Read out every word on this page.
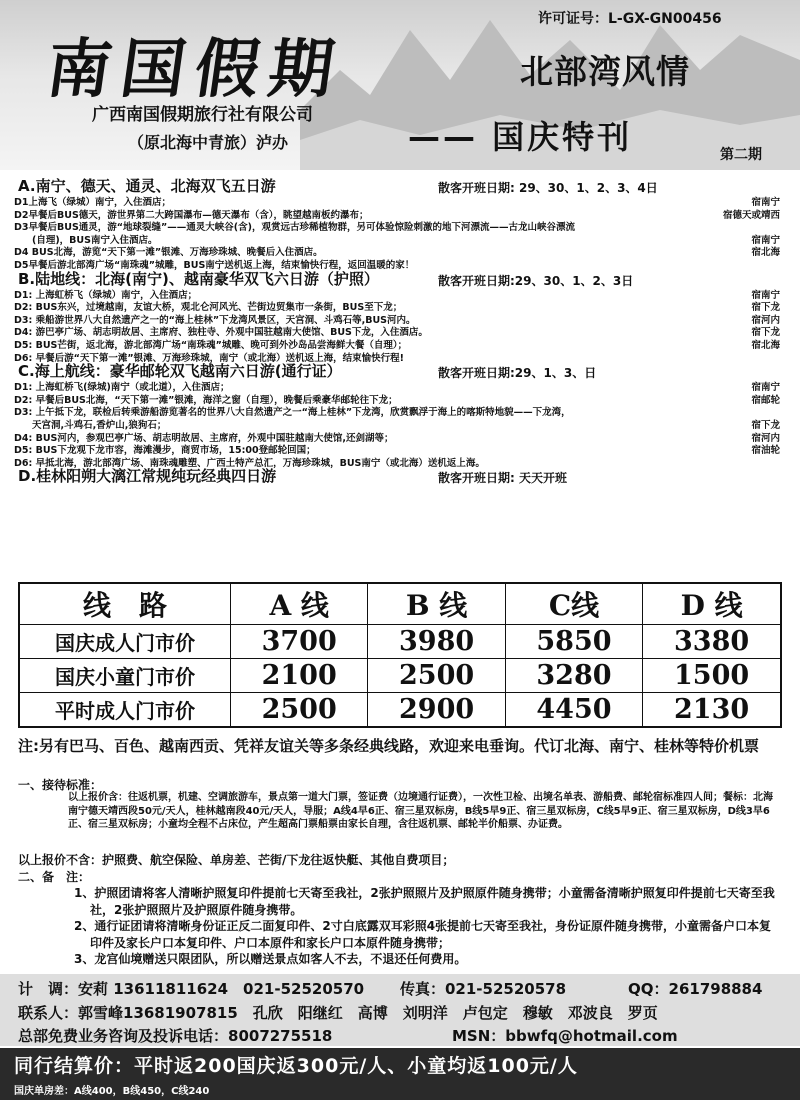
南国假期
广西南国假期旅行社有限公司
（原北海中青旅）泸办
许可证号：L-GX-GN00456
北部湾风情
—— 国庆特刊	第二期
A.南宁、德天、通灵、北海双飞五日游	散客开班日期: 29、30、1、2、3、4日
D1上海飞（绿城）南宁，入住酒店；	宿南宁
D2早餐后BUS德天，游世界第二大跨国瀑布—德天瀑布（含），眺望越南板约瀑布；	宿德天或靖西
D3早餐后BUS通灵，游“地球裂缝”——通灵大峡谷(含)，观赏远古珍稀植物群，另可体验惊险刺激的地下河漂流——古龙山峡谷漂流
(自理)，BUS南宁入住酒店。	宿南宁
D4 BUS北海，游览“天下第一滩”银滩、万海珍珠城、晚餐后入住酒店。	宿北海
D5早餐后游北部湾广场“南珠魂”城雕，BUS南宁送机返上海，结束愉快行程，返回温暖的家！
B.陆地线：北海(南宁)、越南豪华双飞六日游（护照）	散客开班日期:29、30、1、2、3日
D1: 上海虹桥飞（绿城）南宁，入住酒店；	宿南宁
D2: BUS东兴，过境越南，友谊大桥，观北仑河风光、芒街边贸集市一条街，BUS至下龙；	宿下龙
D3: 乘船游世界八大自然遗产之一的“海上桂林”下龙湾风景区，天宫洞、斗鸡石等,BUS河内。	宿河内
D4: 游巴亭广场、胡志明故居、主席府、独柱寺、外观中国驻越南大使馆、BUS下龙，入住酒店。	宿下龙
D5: BUS芒街，返北海，游北部湾广场“南珠魂”城雕、晚可到外沙岛品尝海鲜大餐（自理）；	宿北海
D6: 早餐后游“天下第一滩”银滩、万海珍珠城，南宁（或北海）送机返上海，结束愉快行程!
C.海上航线：豪华邮轮双飞越南六日游(通行证）	散客开班日期:29、1、3、日
D1: 上海虹桥飞(绿城)南宁（或北道），入住酒店；	宿南宁
D2: 早餐后BUS北海，“天下第一滩”银滩，海洋之窗（自理），晚餐后乘豪华邮轮往下龙；	宿邮轮
D3: 上午抵下龙，联检后转乘游船游览著名的世界八大自然遗产之一“海上桂林”下龙湾，欣赏飘浮于海上的喀斯特地貌——下龙湾，
天宫洞,斗鸡石,香炉山,狼狗石；	宿下龙
D4: BUS河内，参观巴亭广场、胡志明故居、主席府，外观中国驻越南大使馆,还剑湖等；	宿河内
D5: BUS下龙观下龙市容，海滩漫步，商贸市场，15:00登邮轮回国；	宿油轮
D6: 早抵北海，游北部湾广场、南珠魂雕塑、广西土特产总汇，万海珍珠城，BUS南宁（或北海）送机返上海。
D.桂林阳朔大漓江常规纯玩经典四日游	散客开班日期: 天天开班
线　路	A 线	B 线	C线	D 线
国庆成人门市价	3700	3980	5850	3380
国庆小童门市价	2100	2500	3280	1500
平时成人门市价	2500	2900	4450	2130
注:另有巴马、百色、越南西贡、凭祥友谊关等多条经典线路，欢迎来电垂询。代订北海、南宁、桂林等特价机票
一、接待标准：
以上报价含：往返机票，机建、空调旅游车，景点第一道大门票，签证费（边境通行证费），一次性卫检、出境名单表、游船费、邮轮宿标准四人间；餐标：北海南宁德天靖西段50元/天人，桂林越南段40元/天人，导服；A线4早6正、宿三星双标房，B线5早9正、宿三星双标房，C线5早9正、宿三星双标房，D线3早6正、宿三星双标房；小童均全程不占床位，产生超高门票船票由家长自理，含往返机票、邮轮半价船票、办证费。
以上报价不含：护照费、航空保险、单房差、芒街/下龙往返快艇、其他自费项目；
二、备　注：
1、护照团请将客人清晰护照复印件提前七天寄至我社，2张护照照片及护照原件随身携带；小童需备清晰护照复印件提前七天寄至我社，2张护照照片及护照原件随身携带。
2、通行证团请将清晰身份证正反二面复印件、2寸白底露双耳彩照4张提前七天寄至我社，身份证原件随身携带，小童需备户口本复印件及家长户口本复印件、户口本原件和家长户口本原件随身携带；
3、龙宫仙境赠送只限团队，所以赠送景点如客人不去，不退还任何费用。
计　调：安莉 13611811624　021-52520570 传真：021-52520578	QQ：261798884
联系人：郭雪峰13681907815　孔欣　阳继红　高博　刘明洋　卢包定　穆敏　邓波良　罗页
总部免费业务咨询及投诉电话：8007275518	MSN：bbwfq@hotmail.com
同行结算价：平时返200国庆返300元/人、小童均返100元/人
国庆单房差：A线400，B线450，C线240
